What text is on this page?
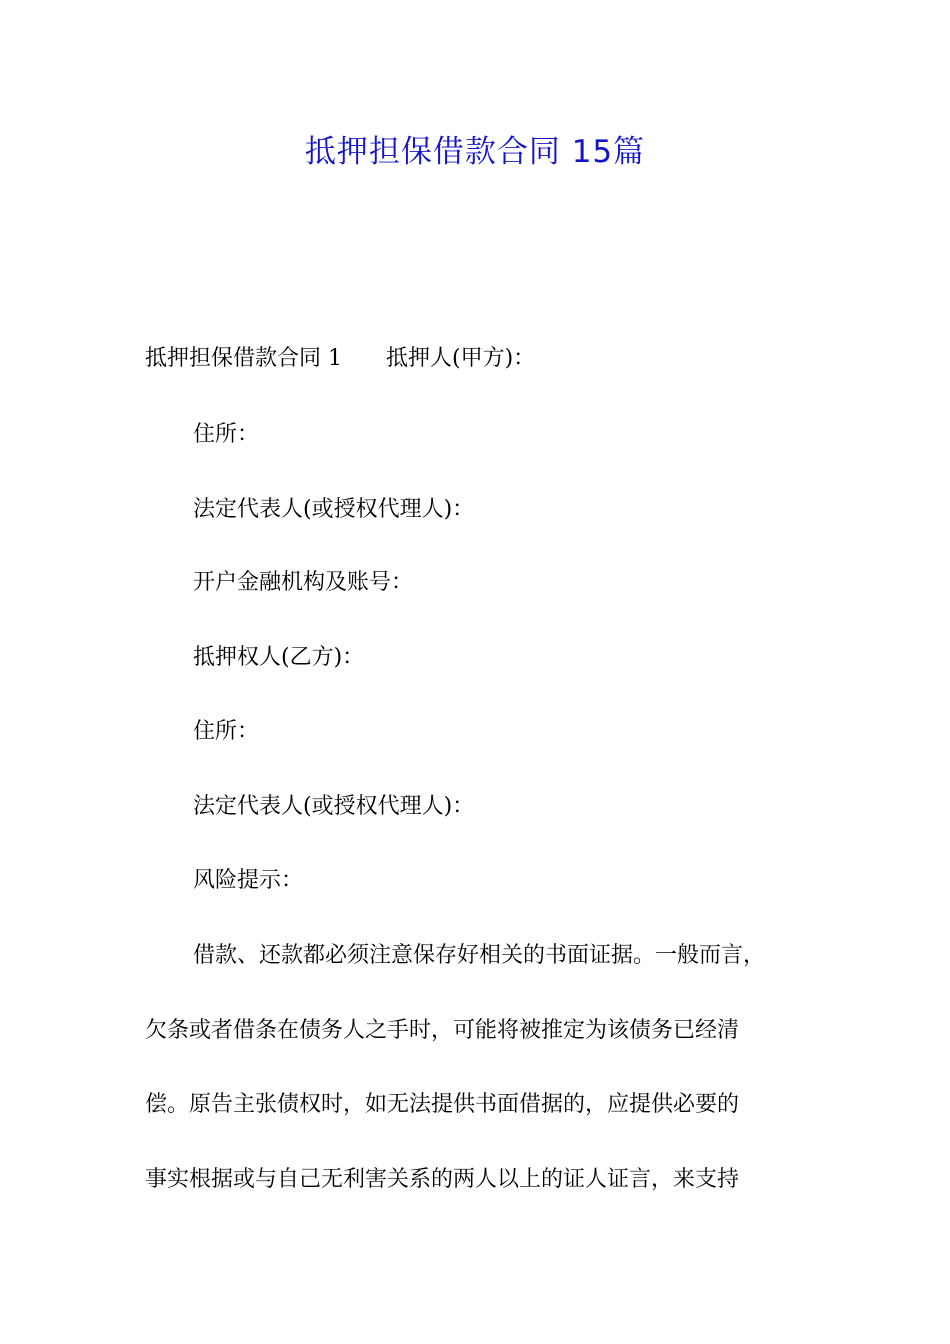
抵押担保借款合同 15篇
抵押担保借款合同 1 抵押人(甲方)：
住所：
法定代表人(或授权代理人)：
开户金融机构及账号：
抵押权人(乙方)：
住所：
法定代表人(或授权代理人)：
风险提示：
借款、还款都必须注意保存好相关的书面证据。一般而言，
欠条或者借条在债务人之手时，可能将被推定为该债务已经清
偿。原告主张债权时，如无法提供书面借据的，应提供必要的
事实根据或与自己无利害关系的两人以上的证人证言，来支持
